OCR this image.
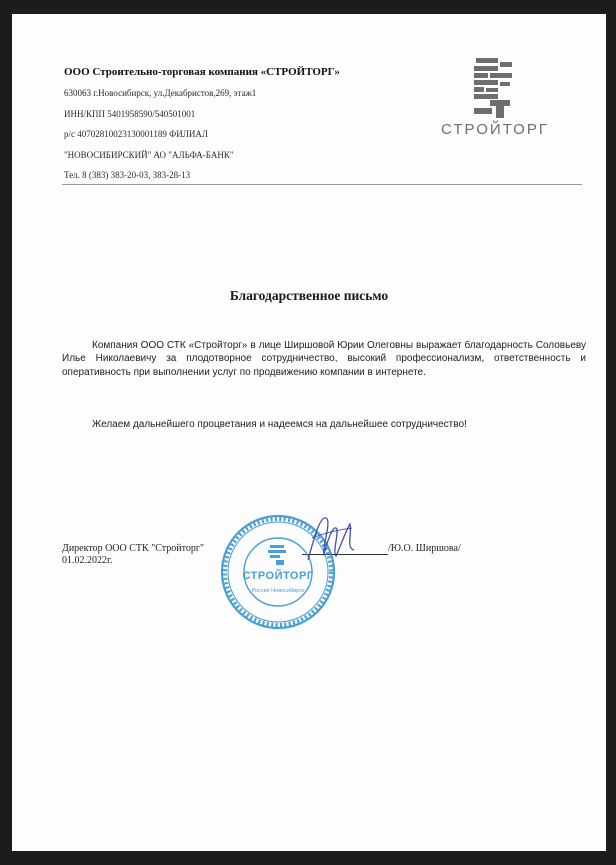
ООО Строительно-торговая компания «СТРОЙТОРГ»
630063 г.Новосибирск, ул.Декабристов,269, этаж1
ИНН/КПП 5401958590/540501001
р/с 40702810023130001189 ФИЛИАЛ
"НОВОСИБИРСКИЙ" АО "АЛЬФА-БАНК"
Тел. 8 (383) 383-20-03, 383-28-13
СТРОЙТОРГ
Благодарственное письмо
Компания ООО СТК «Стройторг» в лице Ширшовой Юрии Олеговны выражает благодарность Соловьеву Илье Николаевичу за плодотворное сотрудничество, высокий профессионализм, ответственность и оперативность при выполнении услуг по продвижению компании в интернете.
Желаем дальнейшего процветания и надеемся на дальнейшее сотрудничество!
Директор ООО СТК "Стройторг"
01.02.2022г.
/Ю.О. Ширшова/
СТРОЙТОРГ
Россия Новосибирск
